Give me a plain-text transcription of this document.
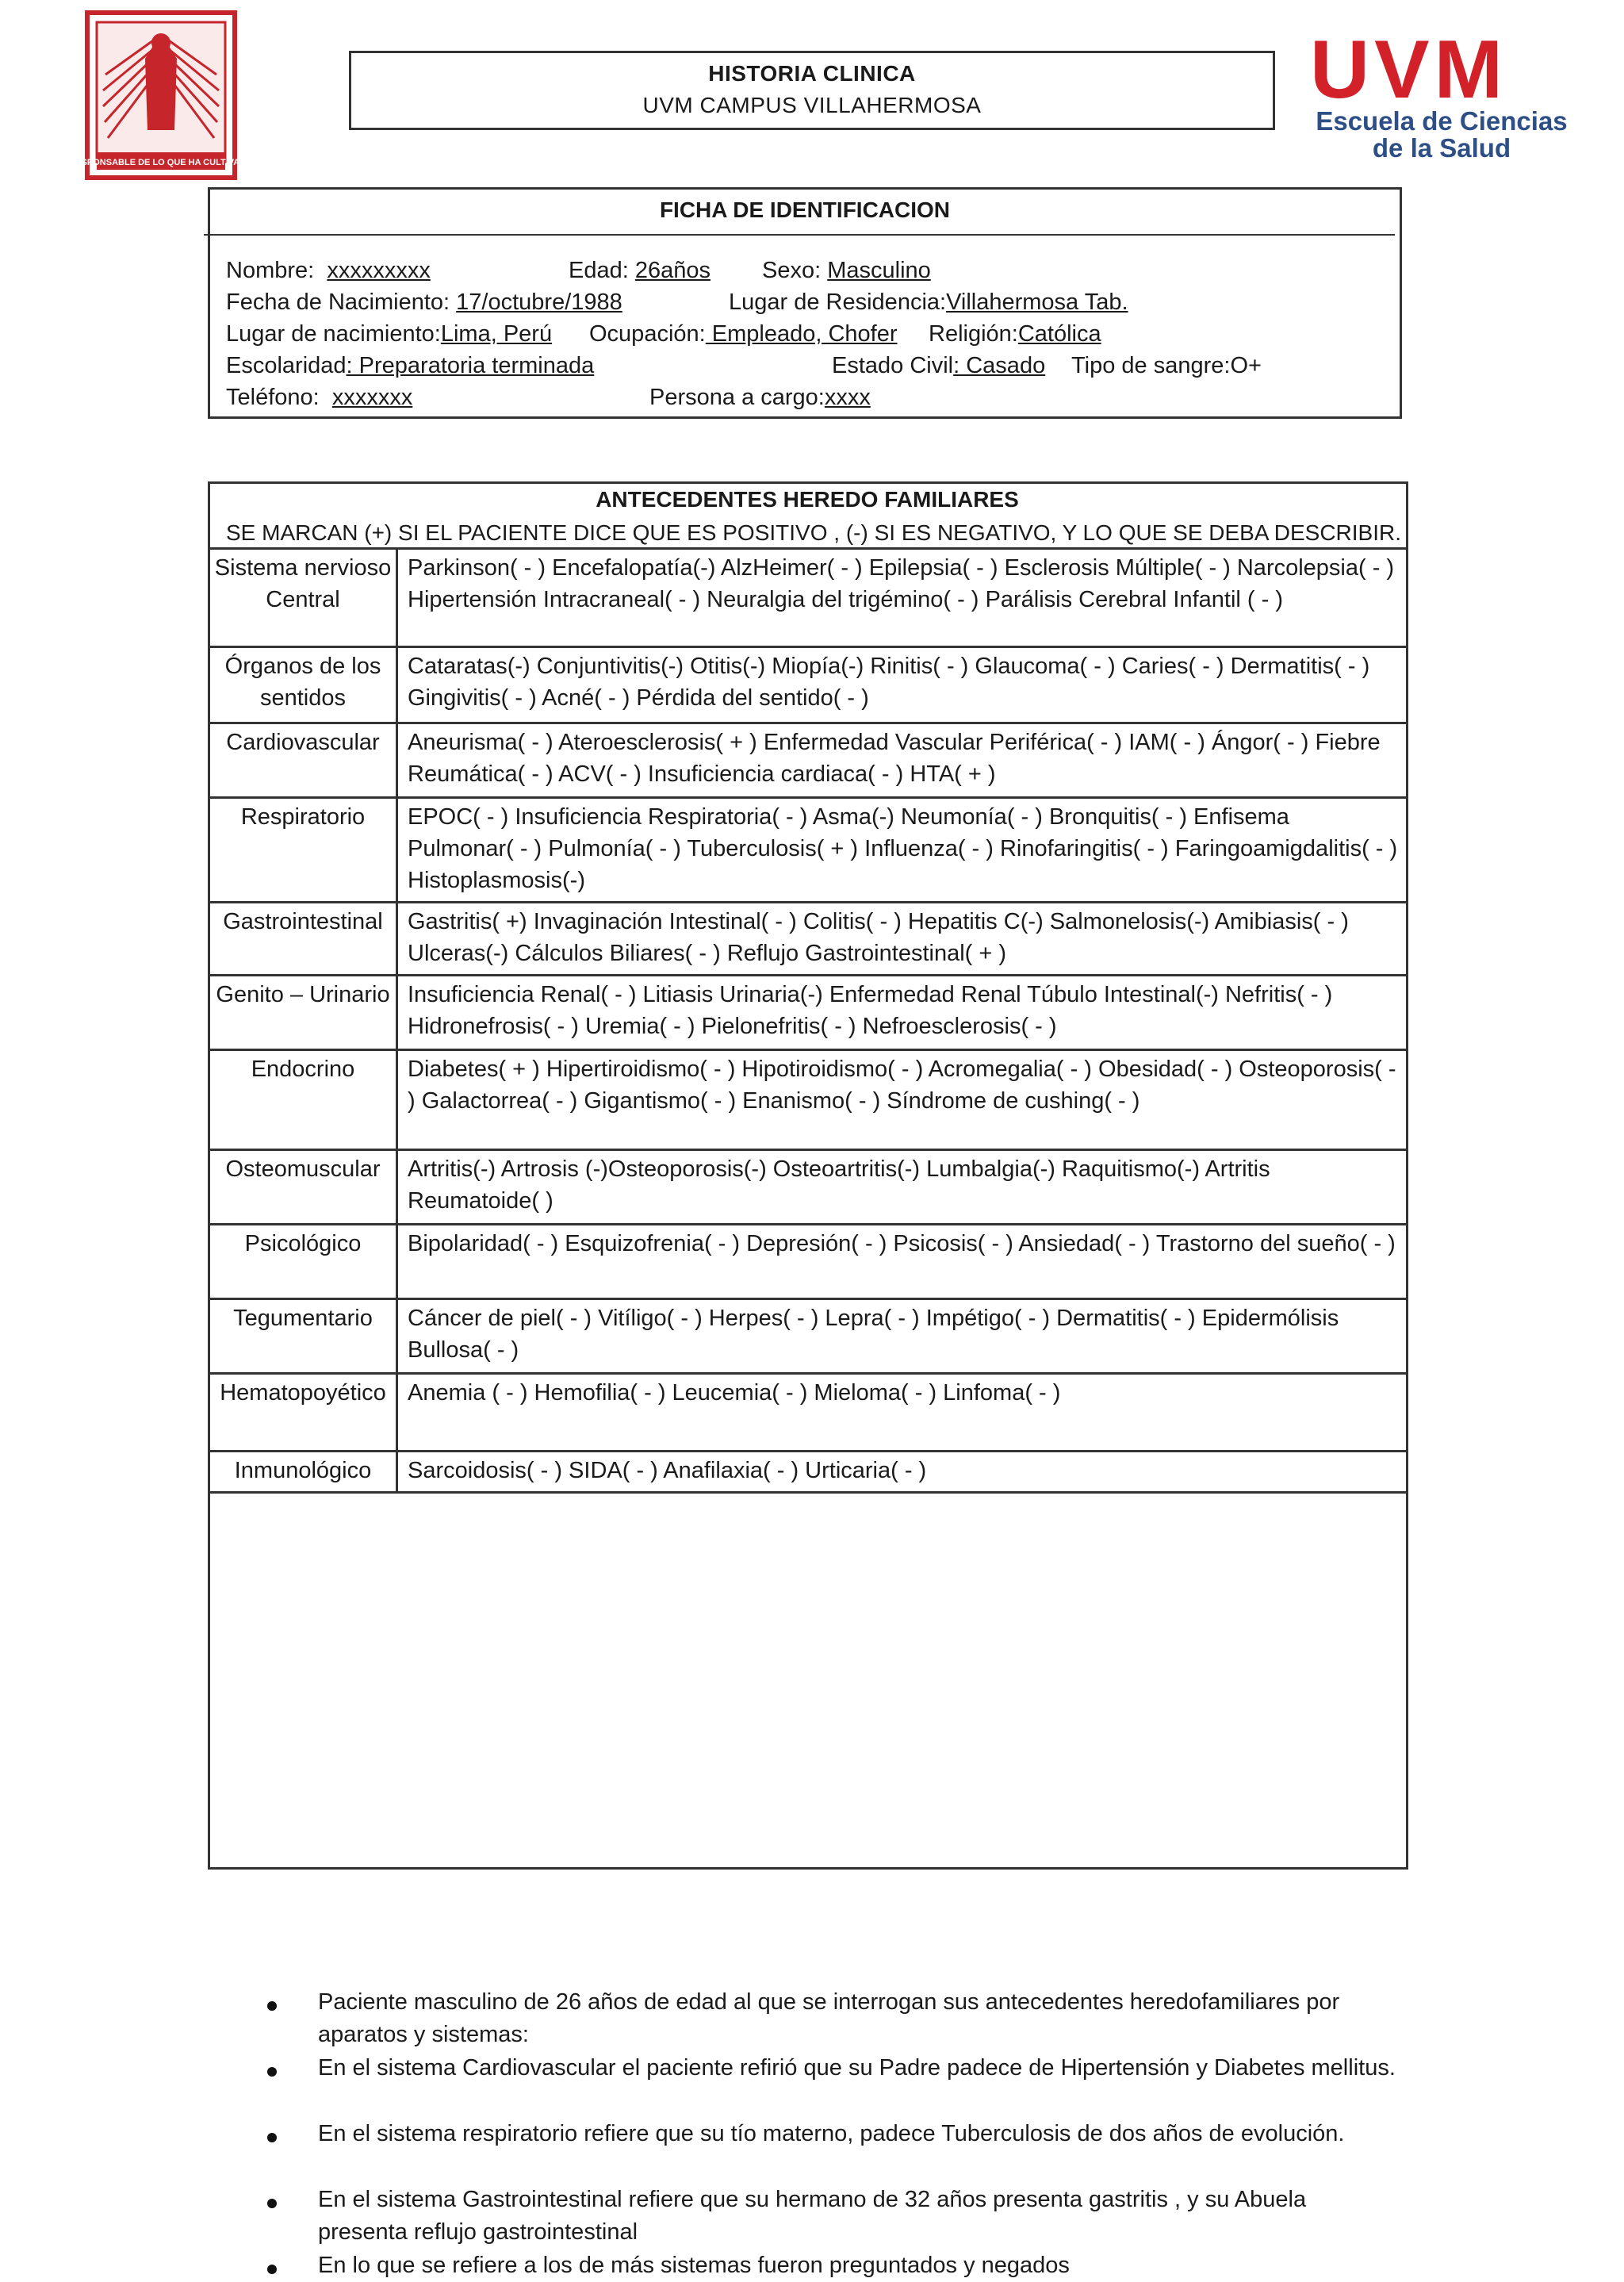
RESPONSABLE DE LO QUE HA CULTIVADO
HISTORIA CLINICA
UVM CAMPUS VILLAHERMOSA	UVM
Escuela de Ciencias
de la Salud
FICHA DE IDENTIFICACION
Nombre: xxxxxxxxx	Edad: 26años Sexo: Masculino
Fecha de Nacimiento: 17/octubre/1988	Lugar de Residencia:Villahermosa Tab.
Lugar de nacimiento:Lima, Perú Ocupación: Empleado, Chofer Religión:Católica
Escolaridad: Preparatoria terminada	Estado Civil: Casado Tipo de sangre:O+
Teléfono: xxxxxxx	Persona a cargo:xxxx
ANTECEDENTES HEREDO FAMILIARES
SE MARCAN (+) SI EL PACIENTE DICE QUE ES POSITIVO , (-) SI ES NEGATIVO, Y LO QUE SE DEBA DESCRIBIR.
Sistema nervioso Central	Parkinson( - ) Encefalopatía(-) AlzHeimer( - ) Epilepsia( - ) Esclerosis Múltiple( - ) Narcolepsia( - ) Hipertensión Intracraneal( - ) Neuralgia del trigémino( - ) Parálisis Cerebral Infantil ( - )
Órganos de los sentidos	Cataratas(-) Conjuntivitis(-) Otitis(-) Miopía(-) Rinitis( - ) Glaucoma( - ) Caries( - ) Dermatitis( - ) Gingivitis( - ) Acné( - ) Pérdida del sentido( - )
Cardiovascular	Aneurisma( - ) Ateroesclerosis( + ) Enfermedad Vascular Periférica( - ) IAM( - ) Ángor( - ) Fiebre Reumática( - ) ACV( - ) Insuficiencia cardiaca( - ) HTA( + )
Respiratorio	EPOC( - ) Insuficiencia Respiratoria( - ) Asma(-) Neumonía( - ) Bronquitis( - ) Enfisema Pulmonar( - ) Pulmonía( - ) Tuberculosis( + ) Influenza( - ) Rinofaringitis( - ) Faringoamigdalitis( - ) Histoplasmosis(-)
Gastrointestinal	Gastritis( +) Invaginación Intestinal( - ) Colitis( - ) Hepatitis C(-) Salmonelosis(-) Amibiasis( - ) Ulceras(-) Cálculos Biliares( - ) Reflujo Gastrointestinal( + )
Genito – Urinario	Insuficiencia Renal( - ) Litiasis Urinaria(-) Enfermedad Renal Túbulo Intestinal(-) Nefritis( - ) Hidronefrosis( - ) Uremia( - ) Pielonefritis( - ) Nefroesclerosis( - )
Endocrino	Diabetes( + ) Hipertiroidismo( - ) Hipotiroidismo( - ) Acromegalia( - ) Obesidad( - ) Osteoporosis( - ) Galactorrea( - ) Gigantismo( - ) Enanismo( - ) Síndrome de cushing( - )
Osteomuscular	Artritis(-) Artrosis (-)Osteoporosis(-) Osteoartritis(-) Lumbalgia(-) Raquitismo(-) Artritis Reumatoide( )
Psicológico	Bipolaridad( - ) Esquizofrenia( - ) Depresión( - ) Psicosis( - ) Ansiedad( - ) Trastorno del sueño( - )
Tegumentario	Cáncer de piel( - ) Vitíligo( - ) Herpes( - ) Lepra( - ) Impétigo( - ) Dermatitis( - ) Epidermólisis Bullosa( - )
Hematopoyético	Anemia ( - ) Hemofilia( - ) Leucemia( - ) Mieloma( - ) Linfoma( - )
Inmunológico	Sarcoidosis( - ) SIDA( - ) Anafilaxia( - ) Urticaria( - )
Paciente masculino de 26 años de edad al que se interrogan sus antecedentes heredofamiliares por aparatos y sistemas:
En el sistema Cardiovascular el paciente refirió que su Padre padece de Hipertensión y Diabetes mellitus.
En el sistema respiratorio refiere que su tío materno, padece Tuberculosis de dos años de evolución.
En el sistema Gastrointestinal refiere que su hermano de 32 años presenta gastritis , y su Abuela presenta reflujo gastrointestinal
En lo que se refiere a los de más sistemas fueron preguntados y negados
